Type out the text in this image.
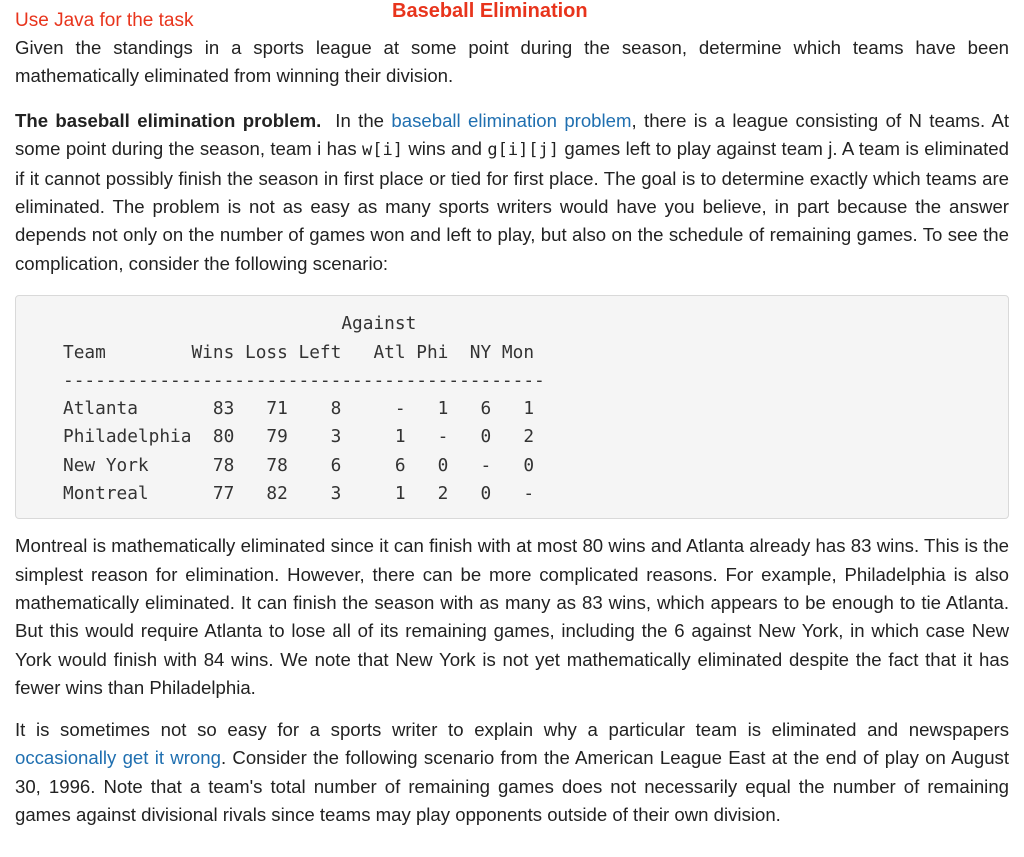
Use Java for the task	Baseball Elimination

Given the standings in a sports league at some point during the season, determine which teams have been mathematically eliminated from winning their division.

The baseball elimination problem. In the baseball elimination problem, there is a league consisting of N teams. At some point during the season, team i has w[i] wins and g[i][j] games left to play against team j. A team is eliminated if it cannot possibly finish the season in first place or tied for first place. The goal is to determine exactly which teams are eliminated. The problem is not as easy as many sports writers would have you believe, in part because the answer depends not only on the number of games won and left to play, but also on the schedule of remaining games. To see the complication, consider the following scenario:

Against
Team        Wins Loss Left   Atl Phi  NY Mon
---------------------------------------------
Atlanta       83   71    8     -   1   6   1
Philadelphia  80   79    3     1   -   0   2
New York      78   78    6     6   0   -   0
Montreal      77   82    3     1   2   0   -

Montreal is mathematically eliminated since it can finish with at most 80 wins and Atlanta already has 83 wins. This is the simplest reason for elimination. However, there can be more complicated reasons. For example, Philadelphia is also mathematically eliminated. It can finish the season with as many as 83 wins, which appears to be enough to tie Atlanta. But this would require Atlanta to lose all of its remaining games, including the 6 against New York, in which case New York would finish with 84 wins. We note that New York is not yet mathematically eliminated despite the fact that it has fewer wins than Philadelphia.

It is sometimes not so easy for a sports writer to explain why a particular team is eliminated and newspapers occasionally get it wrong. Consider the following scenario from the American League East at the end of play on August 30, 1996. Note that a team's total number of remaining games does not necessarily equal the number of remaining games against divisional rivals since teams may play opponents outside of their own division.
